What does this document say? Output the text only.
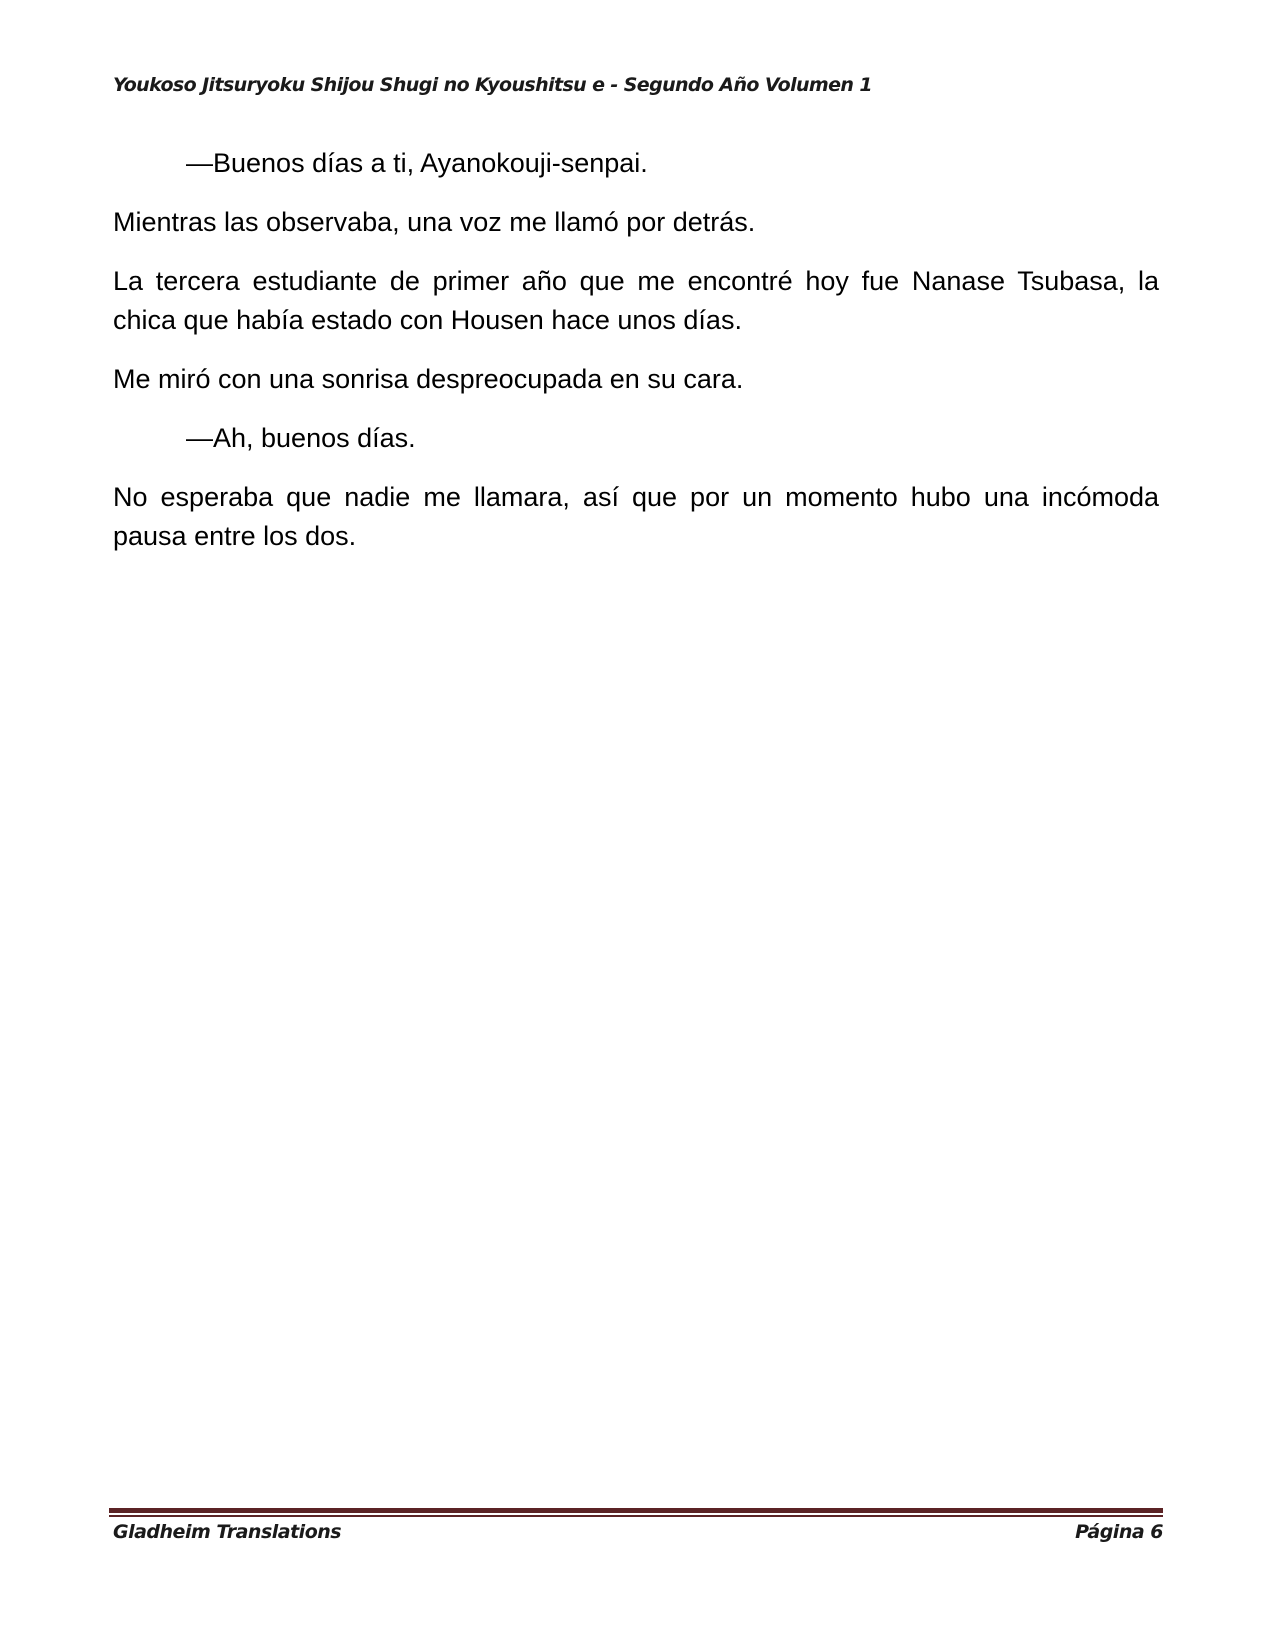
Youkoso Jitsuryoku Shijou Shugi no Kyoushitsu e - Segundo Año Volumen 1

—Buenos días a ti, Ayanokouji-senpai.

Mientras las observaba, una voz me llamó por detrás.

La tercera estudiante de primer año que me encontré hoy fue Nanase Tsubasa, la chica que había estado con Housen hace unos días.

Me miró con una sonrisa despreocupada en su cara.

—Ah, buenos días.

No esperaba que nadie me llamara, así que por un momento hubo una incómoda pausa entre los dos.

Gladheim Translations	Página 6
